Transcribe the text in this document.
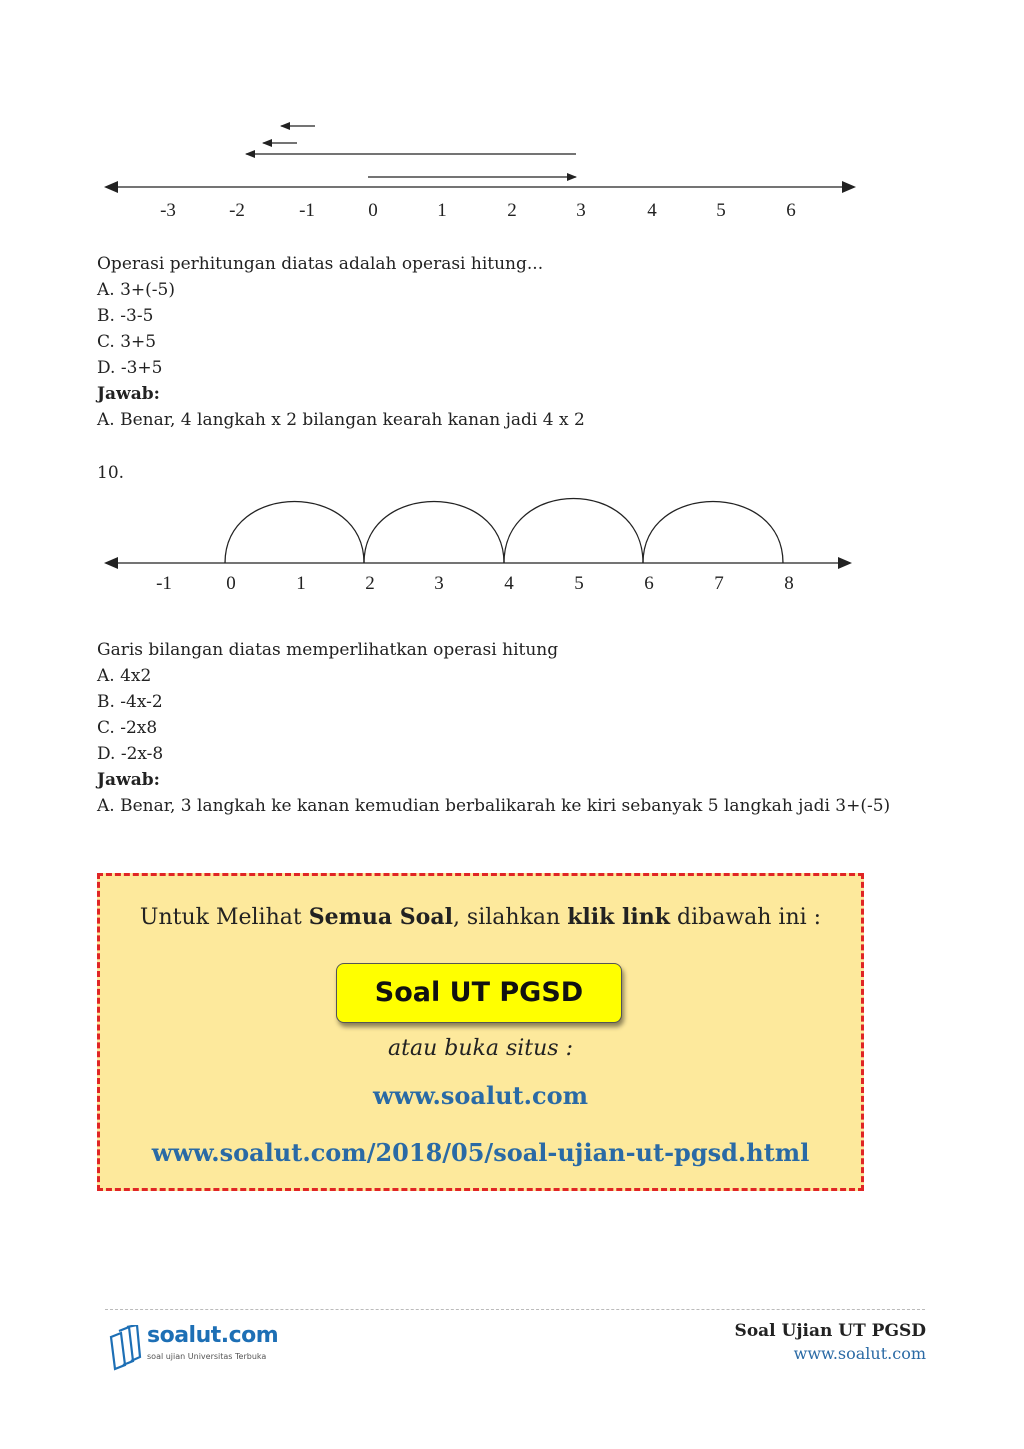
-3	-2	-1	0	1	2	3	4	5	6
Operasi perhitungan diatas adalah operasi hitung...
A. 3+(-5)
B. -3-5
C. 3+5
D. -3+5
Jawab:
A. Benar, 4 langkah x 2 bilangan kearah kanan jadi 4 x 2
10.
-1	0	1	2	3	4	5	6	7	8
Garis bilangan diatas memperlihatkan operasi hitung
A. 4x2
B. -4x-2
C. -2x8
D. -2x-8
Jawab:
A. Benar, 3 langkah ke kanan kemudian berbalikarah ke kiri sebanyak 5 langkah jadi 3+(-5)
Untuk Melihat Semua Soal, silahkan klik link dibawah ini :
Soal UT PGSD
atau buka situs :
www.soalut.com
www.soalut.com/2018/05/soal-ujian-ut-pgsd.html
soalut.com
soal ujian Universitas Terbuka
Soal Ujian UT PGSD
www.soalut.com
